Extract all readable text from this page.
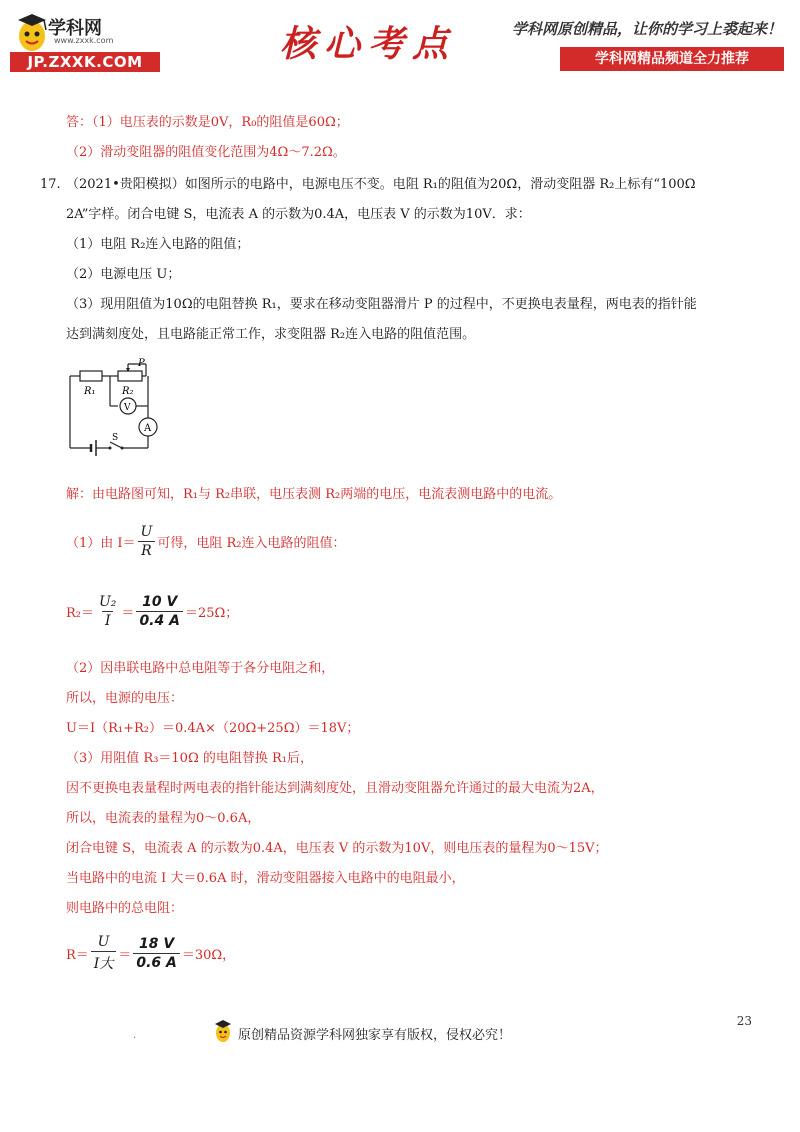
学科网
www.zxxk.com
JP.ZXXK.COM	核心考点	学科网原创精品，让你的学习上裘起来！
学科网精品频道全力推荐
答：（1）电压表的示数是0V，R₀的阻值是60Ω；
（2）滑动变阻器的阻值变化范围为4Ω～7.2Ω。
17. （2021•贵阳模拟）如图所示的电路中，电源电压不变。电阻 R₁的阻值为20Ω，滑动变阻器 R₂上标有“100Ω
2A”字样。闭合电键 S，电流表 A 的示数为0.4A，电压表 V 的示数为10V．求：
（1）电阻 R₂连入电路的阻值；
（2）电源电压 U；
（3）现用阻值为10Ω的电阻替换 R₁，要求在移动变阻器滑片 P 的过程中，不更换电表量程，两电表的指针能
达到满刻度处，且电路能正常工作，求变阻器 R₂连入电路的阻值范围。
R₁	R₂
P
V
A
S
解：由电路图可知，R₁与 R₂串联，电压表测 R₂两端的电压，电流表测电路中的电流。
（1）由 $I= \frac{U}{R}$ 可得，电阻 R₂连入电路的阻值：
$R_2= \frac{\text{U₂}}{I} = \frac{10 V}{0.4 A} =25\Omega$；
（2）因串联电路中总电阻等于各分电阻之和，
所以，电源的电压：
U＝I（R₁+R₂）＝0.4A×（20Ω+25Ω）＝18V；
（3）用阻值 R₃＝10Ω 的电阻替换 R₁后，
因不更换电表量程时两电表的指针能达到满刻度处，且滑动变阻器允许通过的最大电流为2A，
所以，电流表的量程为0～0.6A，
闭合电键 S，电流表 A 的示数为0.4A，电压表 V 的示数为10V，则电压表的量程为0～15V；
当电路中的电流 I 大＝0.6A 时，滑动变阻器接入电路中的电阻最小，
则电路中的总电阻：
$R= \frac{U}{\text{I大}} = \frac{18 V}{0.6 A} =30\Omega$，
23
.	原创精品资源学科网独家享有版权，侵权必究！
